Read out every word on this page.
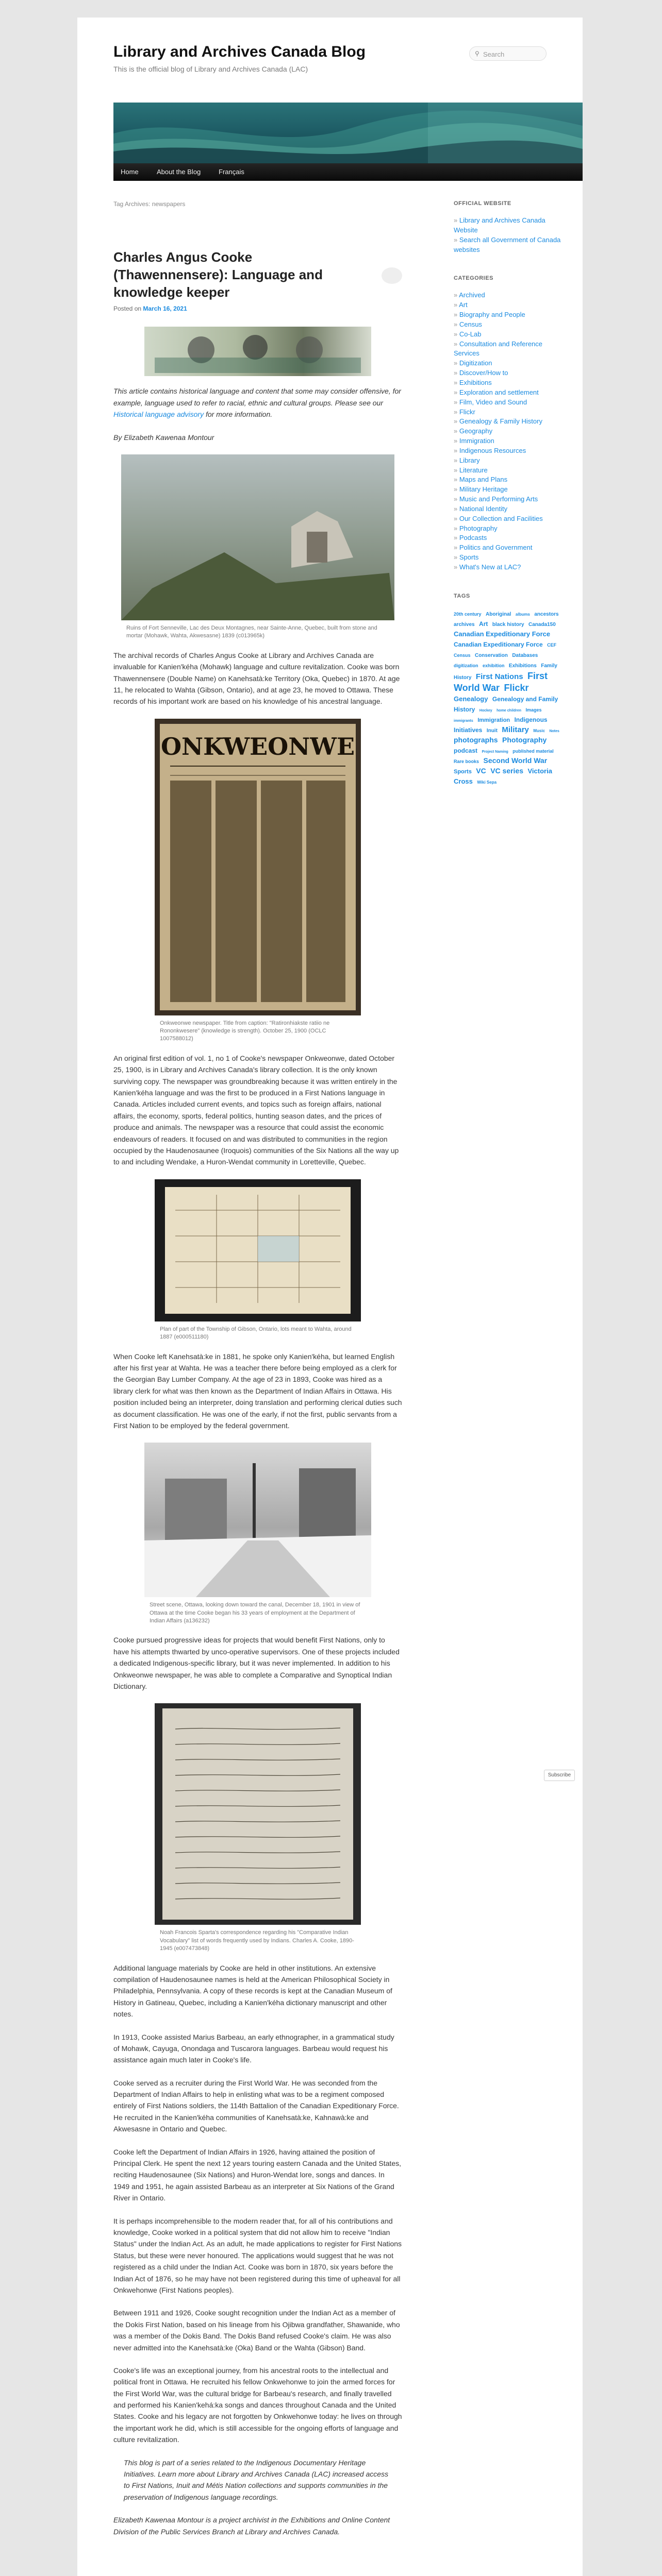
Library and Archives Canada Blog
This is the official blog of Library and Archives Canada (LAC)
⚲ Search
Home	About the Blog	Français
Tag Archives: newspapers
Charles Angus Cooke (Thawennensere): Language and knowledge keeper
Posted on March 16, 2021

This article contains historical language and content that some may consider offensive, for example, language used to refer to racial, ethnic and cultural groups. Please see our Historical language advisory for more information.

By Elizabeth Kawenaa Montour

Ruins of Fort Senneville, Lac des Deux Montagnes, near Sainte-Anne, Quebec, built from stone and mortar (Mohawk, Wahta, Akwesasne) 1839 (c013965k)

The archival records of Charles Angus Cooke at Library and Archives Canada are invaluable for Kanien'kéha (Mohawk) language and culture revitalization. Cooke was born Thawennensere (Double Name) on Kanehsatà:ke Territory (Oka, Quebec) in 1870. At age 11, he relocated to Wahta (Gibson, Ontario), and at age 23, he moved to Ottawa. These records of his important work are based on his knowledge of his ancestral language.

ONKWEONWE
Onkweonwe newspaper. Title from caption: "Ratironhiakste ratiio ne Rononkwesere" (knowledge is strength). October 25, 1900 (OCLC 1007588012)

An original first edition of vol. 1, no 1 of Cooke's newspaper Onkweonwe, dated October 25, 1900, is in Library and Archives Canada's library collection. It is the only known surviving copy. The newspaper was groundbreaking because it was written entirely in the Kanien'kéha language and was the first to be produced in a First Nations language in Canada. Articles included current events, and topics such as foreign affairs, national affairs, the economy, sports, federal politics, hunting season dates, and the prices of produce and animals. The newspaper was a resource that could assist the economic endeavours of readers. It focused on and was distributed to communities in the region occupied by the Haudenosaunee (Iroquois) communities of the Six Nations all the way up to and including Wendake, a Huron-Wendat community in Loretteville, Quebec.

Plan of part of the Township of Gibson, Ontario, lots meant to Wahta, around 1887 (e000511180)

When Cooke left Kanehsatà:ke in 1881, he spoke only Kanien'kéha, but learned English after his first year at Wahta. He was a teacher there before being employed as a clerk for the Georgian Bay Lumber Company. At the age of 23 in 1893, Cooke was hired as a library clerk for what was then known as the Department of Indian Affairs in Ottawa. His position included being an interpreter, doing translation and performing clerical duties such as document classification. He was one of the early, if not the first, public servants from a First Nation to be employed by the federal government.

Street scene, Ottawa, looking down toward the canal, December 18, 1901 in view of Ottawa at the time Cooke began his 33 years of employment at the Department of Indian Affairs (a136232)

Cooke pursued progressive ideas for projects that would benefit First Nations, only to have his attempts thwarted by unco-operative supervisors. One of these projects included a dedicated Indigenous-specific library, but it was never implemented. In addition to his Onkweonwe newspaper, he was able to complete a Comparative and Synoptical Indian Dictionary.

Noah Francois Sparta's correspondence regarding his "Comparative Indian Vocabulary" list of words frequently used by Indians. Charles A. Cooke, 1890-1945 (e007473848)

Additional language materials by Cooke are held in other institutions. An extensive compilation of Haudenosaunee names is held at the American Philosophical Society in Philadelphia, Pennsylvania. A copy of these records is kept at the Canadian Museum of History in Gatineau, Quebec, including a Kanien'kéha dictionary manuscript and other notes.

In 1913, Cooke assisted Marius Barbeau, an early ethnographer, in a grammatical study of Mohawk, Cayuga, Onondaga and Tuscarora languages. Barbeau would request his assistance again much later in Cooke's life.

Cooke served as a recruiter during the First World War. He was seconded from the Department of Indian Affairs to help in enlisting what was to be a regiment composed entirely of First Nations soldiers, the 114th Battalion of the Canadian Expeditionary Force. He recruited in the Kanien'kéha communities of Kanehsatà:ke, Kahnawà:ke and Akwesasne in Ontario and Quebec.

Cooke left the Department of Indian Affairs in 1926, having attained the position of Principal Clerk. He spent the next 12 years touring eastern Canada and the United States, reciting Haudenosaunee (Six Nations) and Huron-Wendat lore, songs and dances. In 1949 and 1951, he again assisted Barbeau as an interpreter at Six Nations of the Grand River in Ontario.

It is perhaps incomprehensible to the modern reader that, for all of his contributions and knowledge, Cooke worked in a political system that did not allow him to receive "Indian Status" under the Indian Act. As an adult, he made applications to register for First Nations Status, but these were never honoured. The applications would suggest that he was not registered as a child under the Indian Act. Cooke was born in 1870, six years before the Indian Act of 1876, so he may have not been registered during this time of upheaval for all Onkwehonwe (First Nations peoples).

Between 1911 and 1926, Cooke sought recognition under the Indian Act as a member of the Dokis First Nation, based on his lineage from his Ojibwa grandfather, Shawanide, who was a member of the Dokis Band. The Dokis Band refused Cooke's claim. He was also never admitted into the Kanehsatà:ke (Oka) Band or the Wahta (Gibson) Band.

Cooke's life was an exceptional journey, from his ancestral roots to the intellectual and political front in Ottawa. He recruited his fellow Onkwehonwe to join the armed forces for the First World War, was the cultural bridge for Barbeau's research, and finally travelled and performed his Kanien'kehá:ka songs and dances throughout Canada and the United States. Cooke and his legacy are not forgotten by Onkwehonwe today: he lives on through the important work he did, which is still accessible for the ongoing efforts of language and culture revitalization.

This blog is part of a series related to the Indigenous Documentary Heritage Initiatives. Learn more about Library and Archives Canada (LAC) increased access to First Nations, Inuit and Métis Nation collections and supports communities in the preservation of Indigenous language recordings.

Elizabeth Kawenaa Montour is a project archivist in the Exhibitions and Online Content Division of the Public Services Branch at Library and Archives Canada.

OFFICIAL WEBSITE
» Library and Archives Canada Website
» Search all Government of Canada websites
CATEGORIES
» Archived
» Art
» Biography and People
» Census
» Co-Lab
» Consultation and Reference Services
» Digitization
» Discover/How to
» Exhibitions
» Exploration and settlement
» Film, Video and Sound
» Flickr
» Genealogy & Family History
» Geography
» Immigration
» Indigenous Resources
» Library
» Literature
» Maps and Plans
» Military Heritage
» Music and Performing Arts
» National Identity
» Our Collection and Facilities
» Photography
» Podcasts
» Politics and Government
» Sports
» What's New at LAC?
TAGS
20th century Aboriginal albums ancestors archives Art black history Canada150 Canadian Expeditionary Force Canadian Expeditionary Force CEF Census Conservation Databases digitization exhibition Exhibitions Family History First Nations First World War Flickr Genealogy Genealogy and Family History Hockey home children Images immigrants Immigration Indigenous Initiatives Inuit Military Music Notes photographs Photography podcast Project Naming published material Rare books Second World War Sports VC VC series Victoria Cross Wiki Sepa
Subscribe
